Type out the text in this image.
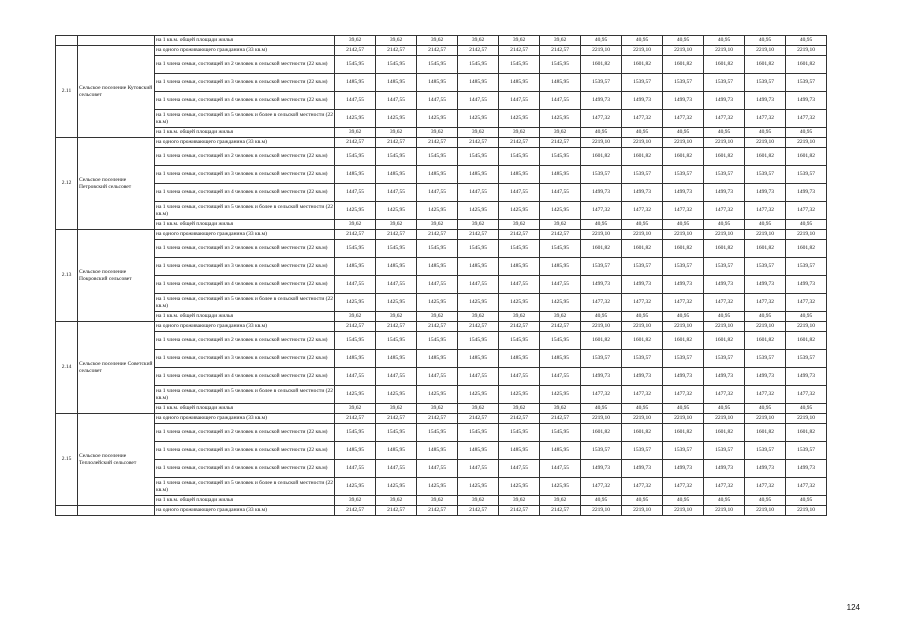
		на 1 кв.м. общей площади жилья	39,62	39,62	39,62	39,62	39,62	39,62	40,95	40,95	40,95	40,95	40,95	40,95
2.11	Сельское поселение Кутовский сельсовет	на одного проживающего гражданина (33 кв.м)	2142,57	2142,57	2142,57	2142,57	2142,57	2142,57	2219,10	2219,10	2219,10	2219,10	2219,10	2219,10
		на 1 члена семьи, состоящей из 2 человек в сельской местности (22 кв.м)	1545,95	1545,95	1545,95	1545,95	1545,95	1545,95	1601,82	1601,82	1601,82	1601,82	1601,82	1601,82
		на 1 члена семьи, состоящей из 3 человек в сельской местности (22 кв.м)	1485,95	1485,95	1485,95	1485,95	1485,95	1485,95	1539,57	1539,57	1539,57	1539,57	1539,57	1539,57
		на 1 члена семьи, состоящей из 4 человек в сельской местности (22 кв.м)	1447,55	1447,55	1447,55	1447,55	1447,55	1447,55	1499,73	1499,73	1499,73	1499,73	1499,73	1499,73
		на 1 члена семьи, состоящей из 5 человек и более в сельской местности (22 кв.м)	1425,95	1425,95	1425,95	1425,95	1425,95	1425,95	1477,32	1477,32	1477,32	1477,32	1477,32	1477,32
		на 1 кв.м. общей площади жилья	39,62	39,62	39,62	39,62	39,62	39,62	40,95	40,95	40,95	40,95	40,95	40,95
2.12	Сельское поселение Петровский сельсовет	на одного проживающего гражданина (33 кв.м)	2142,57	2142,57	2142,57	2142,57	2142,57	2142,57	2219,10	2219,10	2219,10	2219,10	2219,10	2219,10
		на 1 члена семьи, состоящей из 2 человек в сельской местности (22 кв.м)	1545,95	1545,95	1545,95	1545,95	1545,95	1545,95	1601,82	1601,82	1601,82	1601,82	1601,82	1601,82
		на 1 члена семьи, состоящей из 3 человек в сельской местности (22 кв.м)	1485,95	1485,95	1485,95	1485,95	1485,95	1485,95	1539,57	1539,57	1539,57	1539,57	1539,57	1539,57
		на 1 члена семьи, состоящей из 4 человек в сельской местности (22 кв.м)	1447,55	1447,55	1447,55	1447,55	1447,55	1447,55	1499,73	1499,73	1499,73	1499,73	1499,73	1499,73
		на 1 члена семьи, состоящей из 5 человек и более в сельской местности (22 кв.м)	1425,95	1425,95	1425,95	1425,95	1425,95	1425,95	1477,32	1477,32	1477,32	1477,32	1477,32	1477,32
		на 1 кв.м. общей площади жилья	39,62	39,62	39,62	39,62	39,62	39,62	40,95	40,95	40,95	40,95	40,95	40,95
2.13	Сельское поселение Покровский сельсовет	на одного проживающего гражданина (33 кв.м)	2142,57	2142,57	2142,57	2142,57	2142,57	2142,57	2219,10	2219,10	2219,10	2219,10	2219,10	2219,10
		на 1 члена семьи, состоящей из 2 человек в сельской местности (22 кв.м)	1545,95	1545,95	1545,95	1545,95	1545,95	1545,95	1601,82	1601,82	1601,82	1601,82	1601,82	1601,82
		на 1 члена семьи, состоящей из 3 человек в сельской местности (22 кв.м)	1485,95	1485,95	1485,95	1485,95	1485,95	1485,95	1539,57	1539,57	1539,57	1539,57	1539,57	1539,57
		на 1 члена семьи, состоящей из 4 человек в сельской местности (22 кв.м)	1447,55	1447,55	1447,55	1447,55	1447,55	1447,55	1499,73	1499,73	1499,73	1499,73	1499,73	1499,73
		на 1 члена семьи, состоящей из 5 человек и более в сельской местности (22 кв.м)	1425,95	1425,95	1425,95	1425,95	1425,95	1425,95	1477,32	1477,32	1477,32	1477,32	1477,32	1477,32
		на 1 кв.м. общей площади жилья	39,62	39,62	39,62	39,62	39,62	39,62	40,95	40,95	40,95	40,95	40,95	40,95
2.14	Сельское поселение Советский сельсовет	на одного проживающего гражданина (33 кв.м)	2142,57	2142,57	2142,57	2142,57	2142,57	2142,57	2219,10	2219,10	2219,10	2219,10	2219,10	2219,10
		на 1 члена семьи, состоящей из 2 человек в сельской местности (22 кв.м)	1545,95	1545,95	1545,95	1545,95	1545,95	1545,95	1601,82	1601,82	1601,82	1601,82	1601,82	1601,82
		на 1 члена семьи, состоящей из 3 человек в сельской местности (22 кв.м)	1485,95	1485,95	1485,95	1485,95	1485,95	1485,95	1539,57	1539,57	1539,57	1539,57	1539,57	1539,57
		на 1 члена семьи, состоящей из 4 человек в сельской местности (22 кв.м)	1447,55	1447,55	1447,55	1447,55	1447,55	1447,55	1499,73	1499,73	1499,73	1499,73	1499,73	1499,73
		на 1 члена семьи, состоящей из 5 человек и более в сельской местности (22 кв.м)	1425,95	1425,95	1425,95	1425,95	1425,95	1425,95	1477,32	1477,32	1477,32	1477,32	1477,32	1477,32
		на 1 кв.м. общей площади жилья	39,62	39,62	39,62	39,62	39,62	39,62	40,95	40,95	40,95	40,95	40,95	40,95
2.15	Сельское поселение Теплолейский сельсовет	на одного проживающего гражданина (33 кв.м)	2142,57	2142,57	2142,57	2142,57	2142,57	2142,57	2219,10	2219,10	2219,10	2219,10	2219,10	2219,10
		на 1 члена семьи, состоящей из 2 человек в сельской местности (22 кв.м)	1545,95	1545,95	1545,95	1545,95	1545,95	1545,95	1601,82	1601,82	1601,82	1601,82	1601,82	1601,82
		на 1 члена семьи, состоящей из 3 человек в сельской местности (22 кв.м)	1485,95	1485,95	1485,95	1485,95	1485,95	1485,95	1539,57	1539,57	1539,57	1539,57	1539,57	1539,57
		на 1 члена семьи, состоящей из 4 человек в сельской местности (22 кв.м)	1447,55	1447,55	1447,55	1447,55	1447,55	1447,55	1499,73	1499,73	1499,73	1499,73	1499,73	1499,73
		на 1 члена семьи, состоящей из 5 человек и более в сельской местности (22 кв.м)	1425,95	1425,95	1425,95	1425,95	1425,95	1425,95	1477,32	1477,32	1477,32	1477,32	1477,32	1477,32
		на 1 кв.м. общей площади жилья	39,62	39,62	39,62	39,62	39,62	39,62	40,95	40,95	40,95	40,95	40,95	40,95
		на одного проживающего гражданина (33 кв.м)	2142,57	2142,57	2142,57	2142,57	2142,57	2142,57	2219,10	2219,10	2219,10	2219,10	2219,10	2219,10
124
